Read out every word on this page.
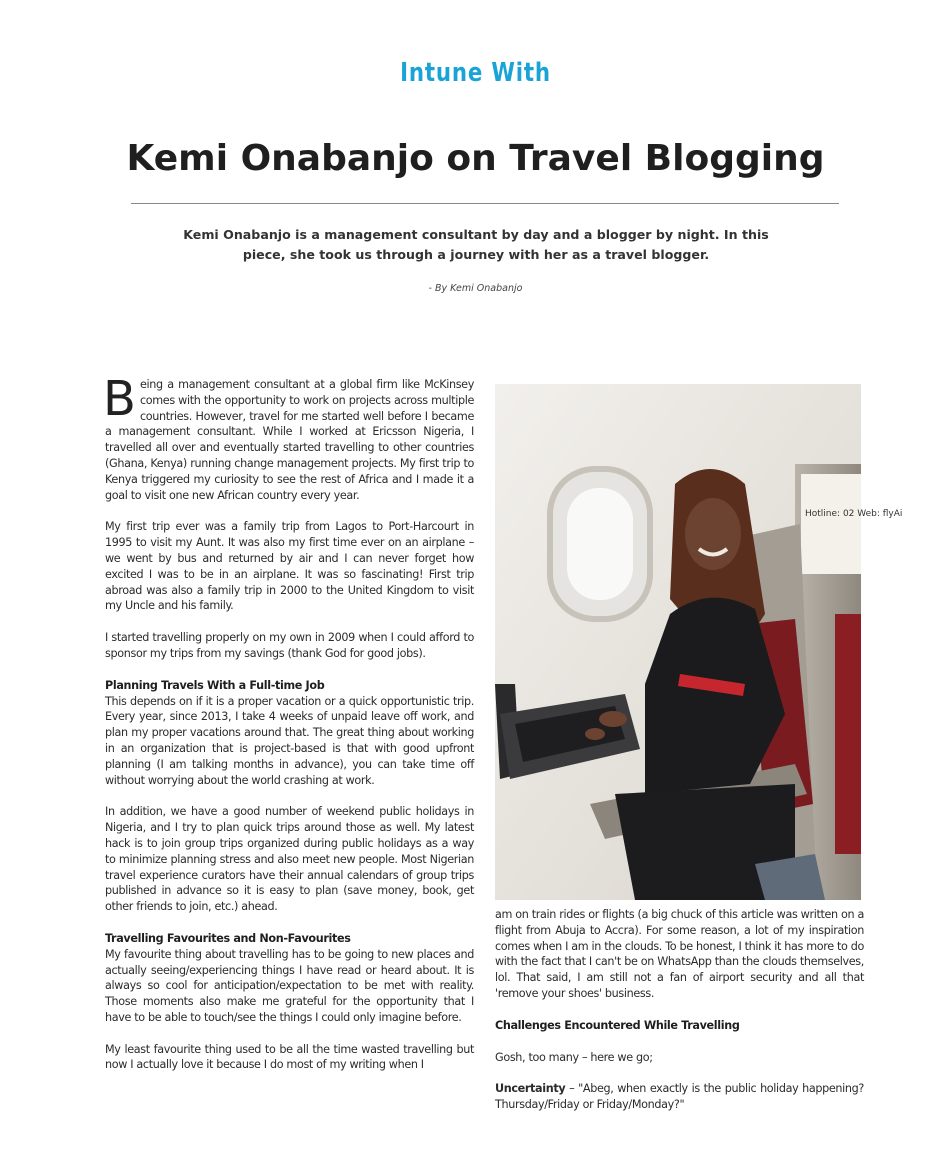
Intune With
Kemi Onabanjo on Travel Blogging
Kemi Onabanjo is a management consultant by day and a blogger by night. In this piece, she took us through a journey with her as a travel blogger.
- By Kemi Onabanjo

Being a management consultant at a global firm like McKinsey comes with the opportunity to work on projects across multiple countries. However, travel for me started well before I became a management consultant. While I worked at Ericsson Nigeria, I travelled all over and eventually started travelling to other countries (Ghana, Kenya) running change management projects. My first trip to Kenya triggered my curiosity to see the rest of Africa and I made it a goal to visit one new African country every year.

My first trip ever was a family trip from Lagos to Port-Harcourt in 1995 to visit my Aunt. It was also my first time ever on an airplane – we went by bus and returned by air and I can never forget how excited I was to be in an airplane. It was so fascinating! First trip abroad was also a family trip in 2000 to the United Kingdom to visit my Uncle and his family.

I started travelling properly on my own in 2009 when I could afford to sponsor my trips from my savings (thank God for good jobs).

Planning Travels With a Full-time Job

This depends on if it is a proper vacation or a quick opportunistic trip. Every year, since 2013, I take 4 weeks of unpaid leave off work, and plan my proper vacations around that. The great thing about working in an organization that is project-based is that with good upfront planning (I am talking months in advance), you can take time off without worrying about the world crashing at work.

In addition, we have a good number of weekend public holidays in Nigeria, and I try to plan quick trips around those as well. My latest hack is to join group trips organized during public holidays as a way to minimize planning stress and also meet new people. Most Nigerian travel experience curators have their annual calendars of group trips published in advance so it is easy to plan (save money, book, get other friends to join, etc.) ahead.

Travelling Favourites and Non-Favourites

My favourite thing about travelling has to be going to new places and actually seeing/experiencing things I have read or heard about. It is always so cool for anticipation/expectation to be met with reality. Those moments also make me grateful for the opportunity that I have to be able to touch/see the things I could only imagine before.

My least favourite thing used to be all the time wasted travelling but now I actually love it because I do most of my writing when I

Hotline: 02 Web: flyAi

am on train rides or flights (a big chuck of this article was written on a flight from Abuja to Accra). For some reason, a lot of my inspiration comes when I am in the clouds. To be honest, I think it has more to do with the fact that I can't be on WhatsApp than the clouds themselves, lol. That said, I am still not a fan of airport security and all that 'remove your shoes' business.

Challenges Encountered While Travelling

Gosh, too many – here we go;

Uncertainty – "Abeg, when exactly is the public holiday happening? Thursday/Friday or Friday/Monday?"
